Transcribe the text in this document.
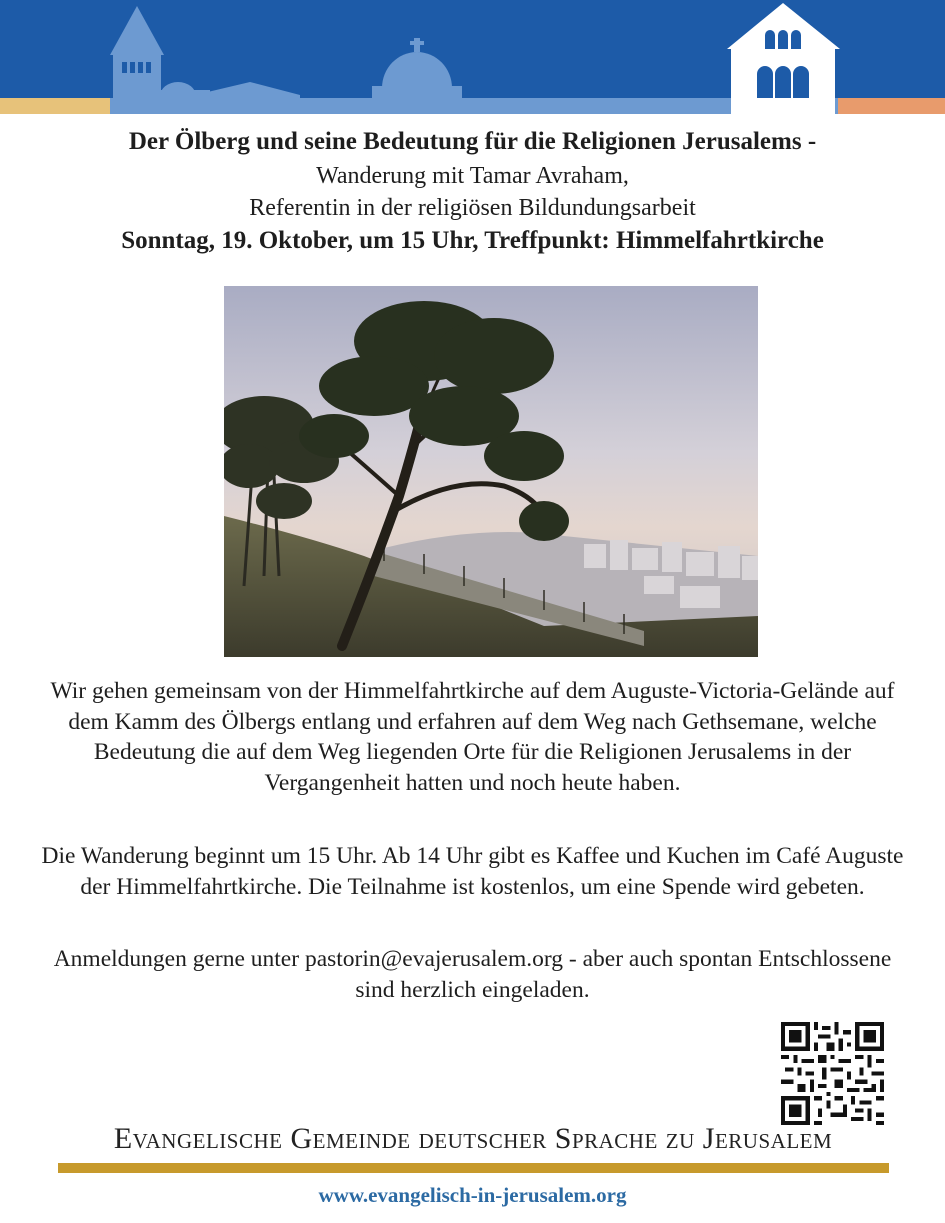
Der Ölberg und seine Bedeutung für die Religionen Jerusalems -
Wanderung mit Tamar Avraham,
Referentin in der religiösen Bildundungsarbeit
Sonntag, 19. Oktober, um 15 Uhr, Treffpunkt: Himmelfahrtkirche

Wir gehen gemeinsam von der Himmelfahrtkirche auf dem Auguste-Victoria-Gelände auf dem Kamm des Ölbergs entlang und erfahren auf dem Weg nach Gethsemane, welche Bedeutung die auf dem Weg liegenden Orte für die Religionen Jerusalems in der Vergangenheit hatten und noch heute haben.

Die Wanderung beginnt um 15 Uhr. Ab 14 Uhr gibt es Kaffee und Kuchen im Café Auguste der Himmelfahrtkirche. Die Teilnahme ist kostenlos, um eine Spende wird gebeten.

Anmeldungen gerne unter pastorin@evajerusalem.org - aber auch spontan Entschlossene sind herzlich eingeladen.

Evangelische Gemeinde deutscher Sprache zu Jerusalem
www.evangelisch-in-jerusalem.org
